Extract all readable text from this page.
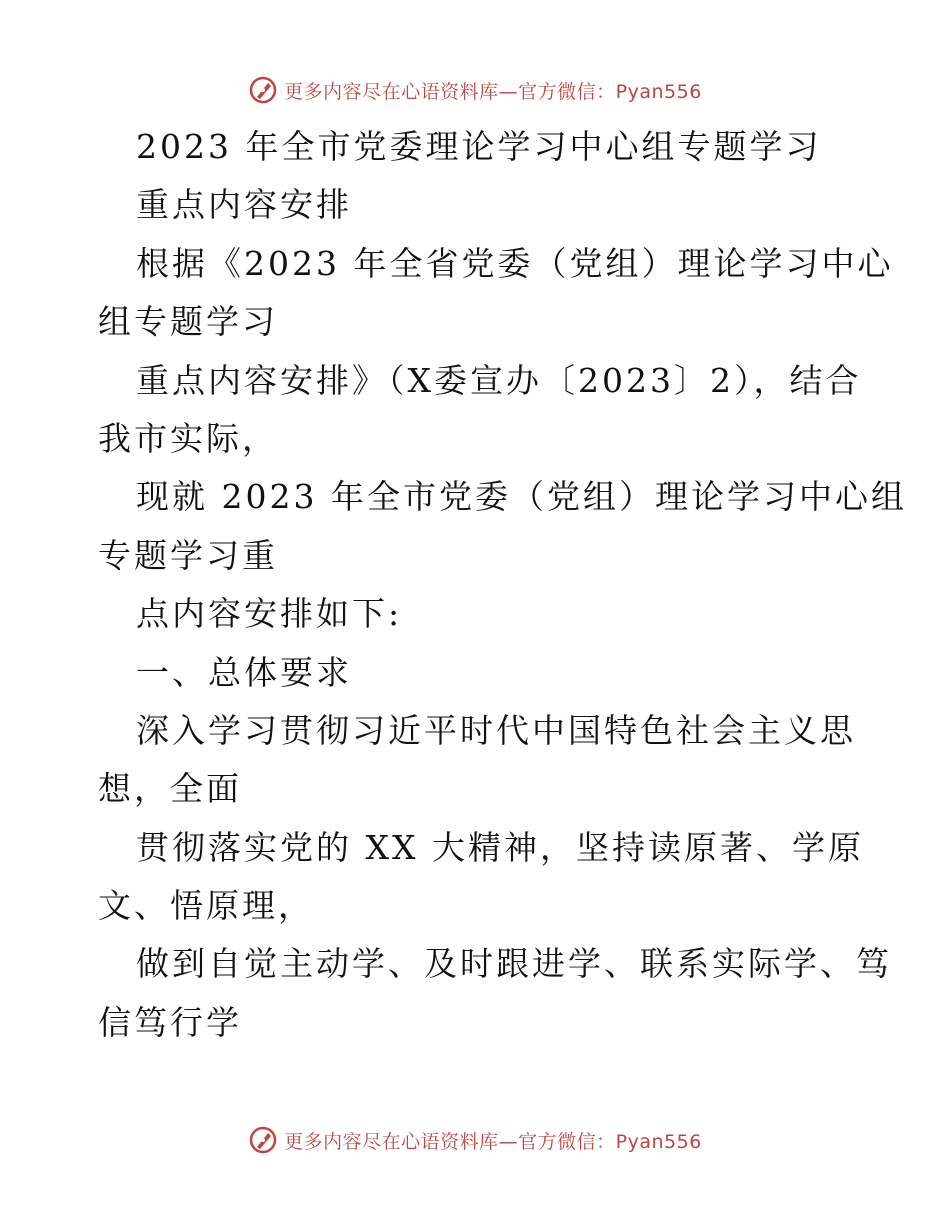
更多内容尽在心语资料库—官方微信：Pyan556
2023 年全市党委理论学习中心组专题学习
重点内容安排
根据《2023 年全省党委（党组）理论学习中心
组专题学习
重点内容安排》（X委宣办〔2023〕2），结合
我市实际，
现就 2023 年全市党委（党组）理论学习中心组
专题学习重
点内容安排如下:
一、总体要求
深入学习贯彻习近平时代中国特色社会主义思
想，全面
贯彻落实党的 XX 大精神，坚持读原著、学原
文、悟原理，
做到自觉主动学、及时跟进学、联系实际学、笃
信笃行学
更多内容尽在心语资料库—官方微信：Pyan556
